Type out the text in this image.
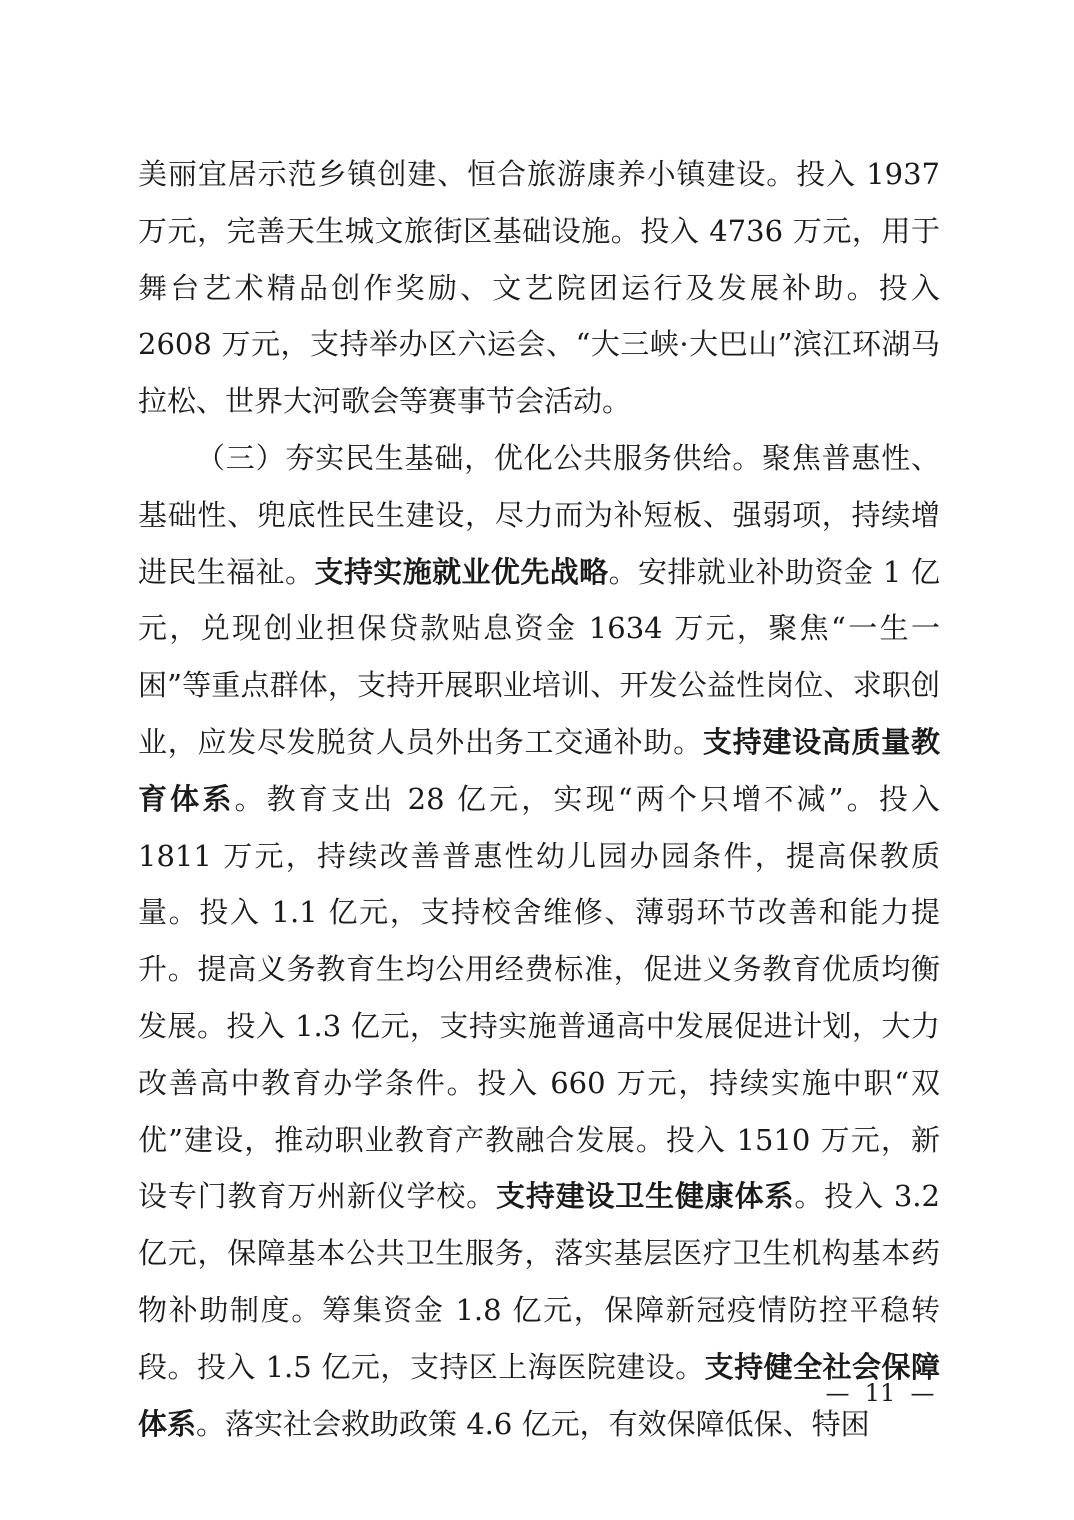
美丽宜居示范乡镇创建、恒合旅游康养小镇建设。投入 1937 万元，完善天生城文旅街区基础设施。投入 4736 万元，用于舞台艺术精品创作奖励、文艺院团运行及发展补助。投入 2608 万元，支持举办区六运会、“大三峡·大巴山”滨江环湖马拉松、世界大河歌会等赛事节会活动。

（三）夯实民生基础，优化公共服务供给。聚焦普惠性、基础性、兜底性民生建设，尽力而为补短板、强弱项，持续增进民生福祉。支持实施就业优先战略。安排就业补助资金 1 亿元，兑现创业担保贷款贴息资金 1634 万元，聚焦“一生一困”等重点群体，支持开展职业培训、开发公益性岗位、求职创业，应发尽发脱贫人员外出务工交通补助。支持建设高质量教育体系。教育支出 28 亿元，实现“两个只增不减”。投入 1811 万元，持续改善普惠性幼儿园办园条件，提高保教质量。投入 1.1 亿元，支持校舍维修、薄弱环节改善和能力提升。提高义务教育生均公用经费标准，促进义务教育优质均衡发展。投入 1.3 亿元，支持实施普通高中发展促进计划，大力改善高中教育办学条件。投入 660 万元，持续实施中职“双优”建设，推动职业教育产教融合发展。投入 1510 万元，新设专门教育万州新仪学校。支持建设卫生健康体系。投入 3.2 亿元，保障基本公共卫生服务，落实基层医疗卫生机构基本药物补助制度。筹集资金 1.8 亿元，保障新冠疫情防控平稳转段。投入 1.5 亿元，支持区上海医院建设。支持健全社会保障体系。落实社会救助政策 4.6 亿元，有效保障低保、特困

—  11  —
